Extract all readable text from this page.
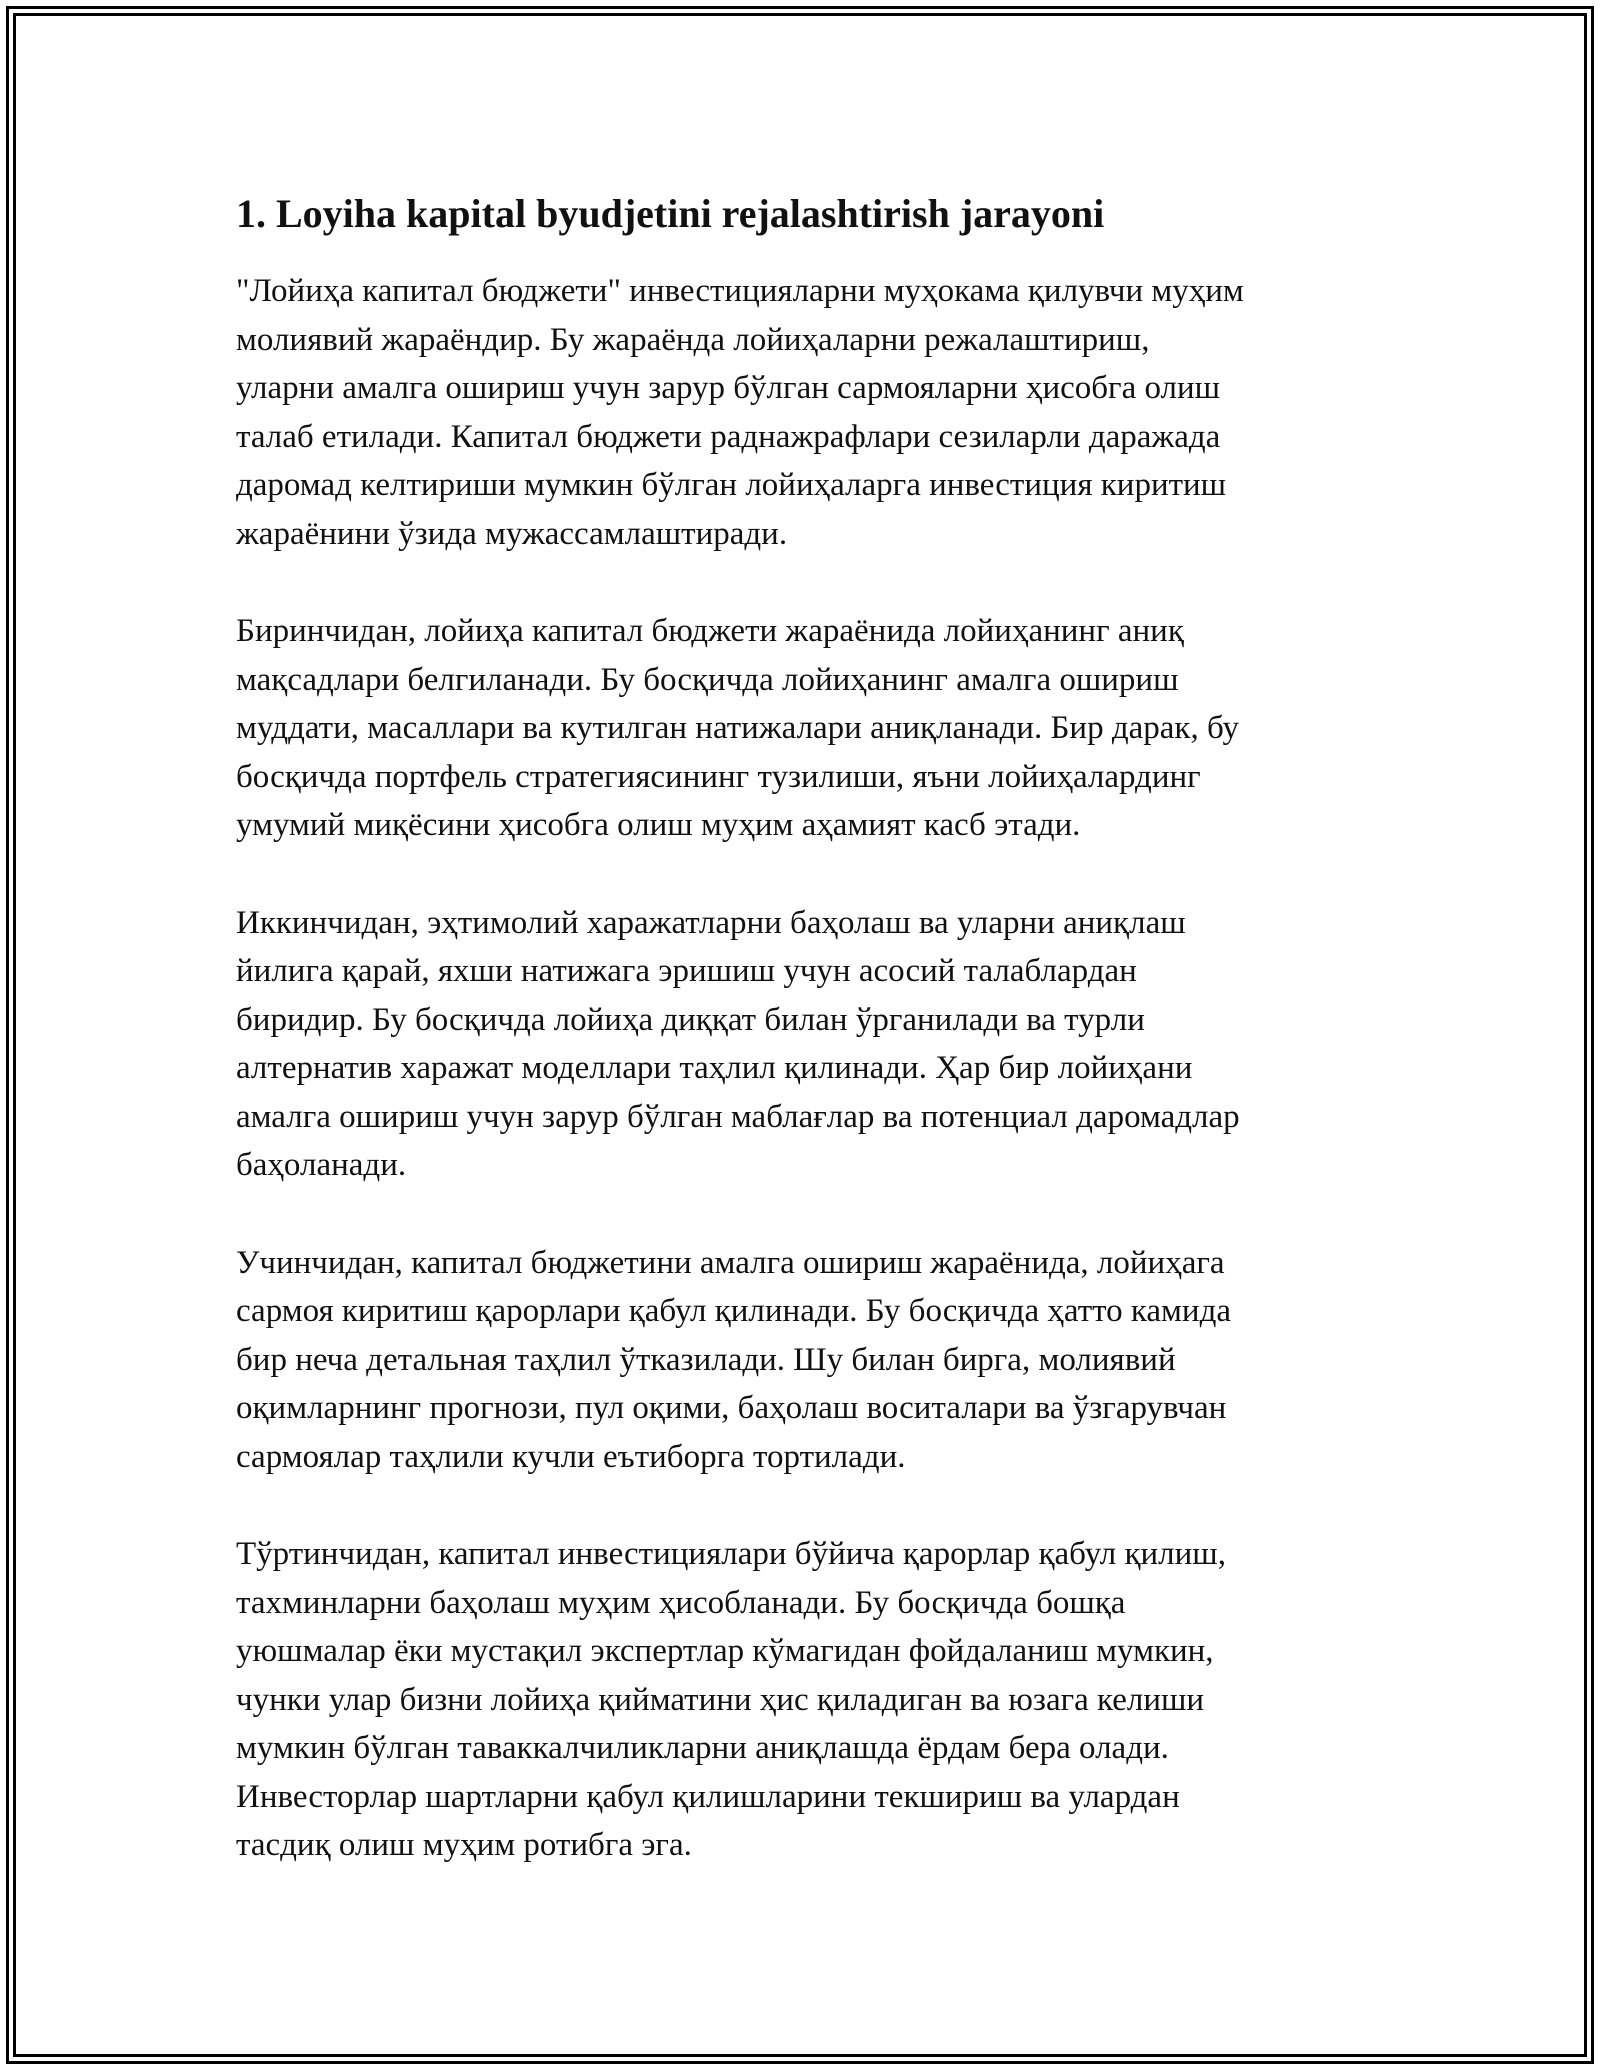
1. Loyiha kapital byudjetini rejalashtirish jarayoni

"Лойиҳа капитал бюджети" инвестицияларни муҳокама қилувчи муҳим
молиявий жараёндир. Бу жараёнда лойиҳаларни режалаштириш,
уларни амалга ошириш учун зарур бўлган сармояларни ҳисобга олиш
талаб етилади. Капитал бюджети раднажрафлари сезиларли даражада
даромад келтириши мумкин бўлган лойиҳаларга инвестиция киритиш
жараёнини ўзида мужассамлаштиради.

Биринчидан, лойиҳа капитал бюджети жараёнида лойиҳанинг аниқ
мақсадлари белгиланади. Бу босқичда лойиҳанинг амалга ошириш
муддати, масаллари ва кутилган натижалари аниқланади. Бир дарак, бу
босқичда портфель стратегиясининг тузилиши, яъни лойиҳалардинг
умумий миқёсини ҳисобга олиш муҳим аҳамият касб этади.

Иккинчидан, эҳтимолий харажатларни баҳолаш ва уларни аниқлаш
йилига қарай, яхши натижага эришиш учун асосий талаблардан
биридир. Бу босқичда лойиҳа диққат билан ўрганилади ва турли
алтернатив харажат моделлари таҳлил қилинади. Ҳар бир лойиҳани
амалга ошириш учун зарур бўлган маблағлар ва потенциал даромадлар
баҳоланади.

Учинчидан, капитал бюджетини амалга ошириш жараёнида, лойиҳага
сармоя киритиш қарорлари қабул қилинади. Бу босқичда ҳатто камида
бир неча детальная таҳлил ўтказилади. Шу билан бирга, молиявий
оқимларнинг прогнози, пул оқими, баҳолаш воситалари ва ўзгарувчан
сармоялар таҳлили кучли еътиборга тортилади.

Тўртинчидан, капитал инвестициялари бўйича қарорлар қабул қилиш,
тахминларни баҳолаш муҳим ҳисобланади. Бу босқичда бошқа
уюшмалар ёки мустақил экспертлар кўмагидан фойдаланиш мумкин,
чунки улар бизни лойиҳа қийматини ҳис қиладиган ва юзага келиши
мумкин бўлган таваккалчиликларни аниқлашда ёрдам бера олади.
Инвесторлар шартларни қабул қилишларини текшириш ва улардан
тасдиқ олиш муҳим ротибга эга.
